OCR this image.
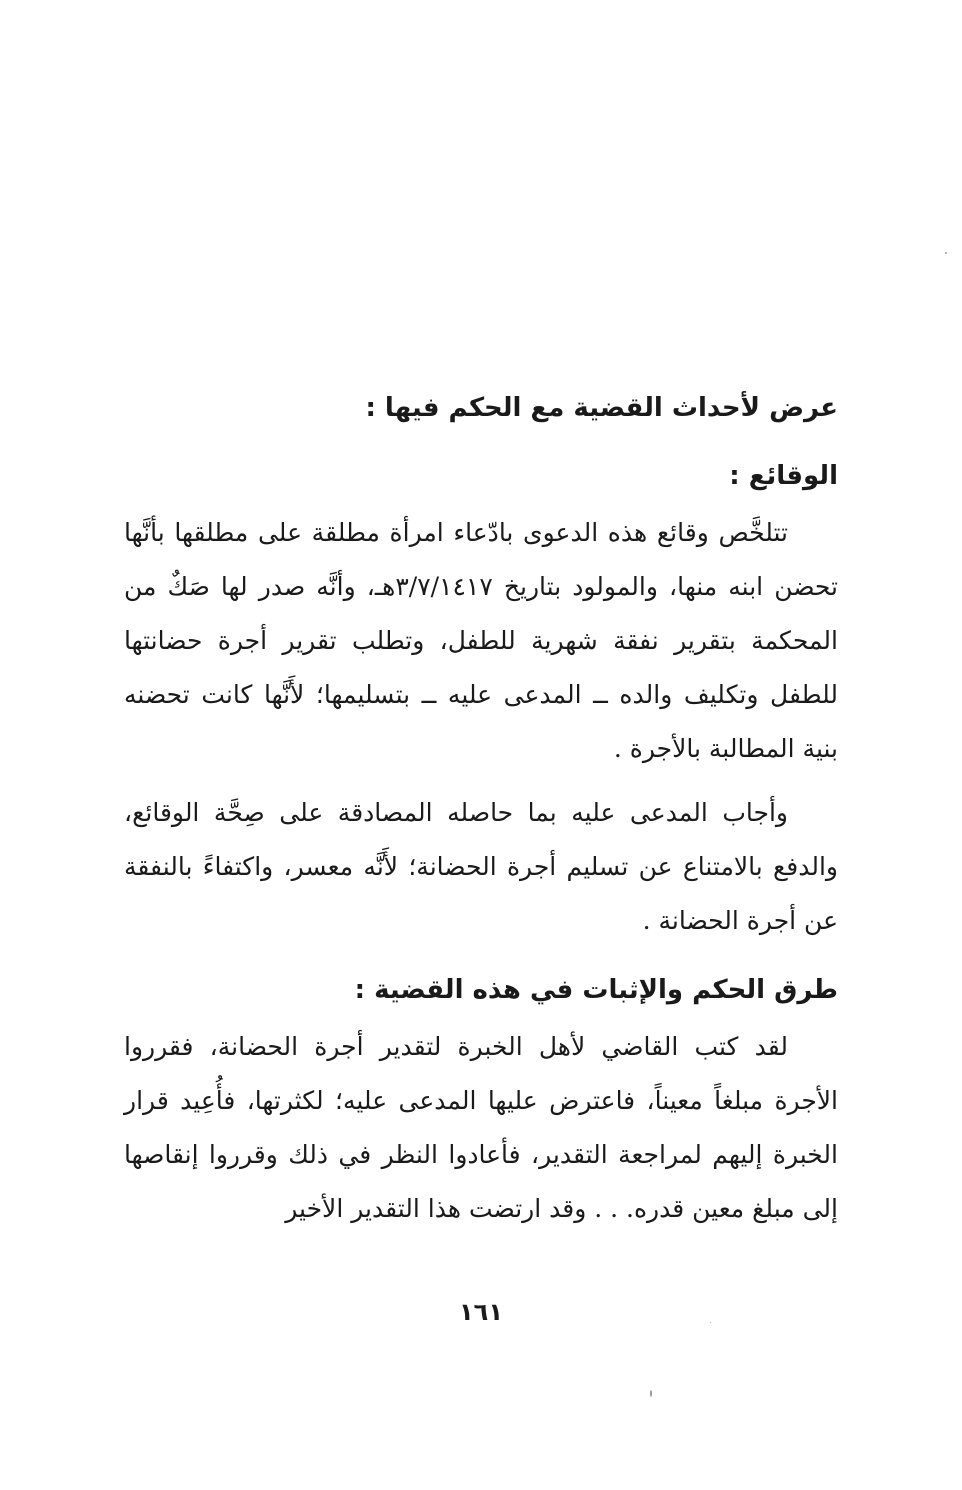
عرض لأحداث القضية مع الحكم فيها :
الوقائع :

تتلخَّص وقائع هذه الدعوى بادّعاء امرأة مطلقة على مطلقها بأنَّها تحضن ابنه منها، والمولود بتاريخ ٣/٧/١٤١٧هـ، وأنَّه صدر لها صَكٌ من المحكمة بتقرير نفقة شهرية للطفل، وتطلب تقرير أجرة حضانتها للطفل وتكليف والده ــ المدعى عليه ــ بتسليمها؛ لأَنَّها كانت تحضنه بنية المطالبة بالأجرة .

وأجاب المدعى عليه بما حاصله المصادقة على صِحَّة الوقائع، والدفع بالامتناع عن تسليم أجرة الحضانة؛ لأَنَّه معسر، واكتفاءً بالنفقة عن أجرة الحضانة .

طرق الحكم والإثبات في هذه القضية :

لقد كتب القاضي لأهل الخبرة لتقدير أجرة الحضانة، فقرروا الأجرة مبلغاً معيناً، فاعترض عليها المدعى عليه؛ لكثرتها، فأُعِيد قرار الخبرة إليهم لمراجعة التقدير، فأعادوا النظر في ذلك وقرروا إنقاصها إلى مبلغ معين قدره. . . وقد ارتضت هذا التقدير الأخير

١٦١
